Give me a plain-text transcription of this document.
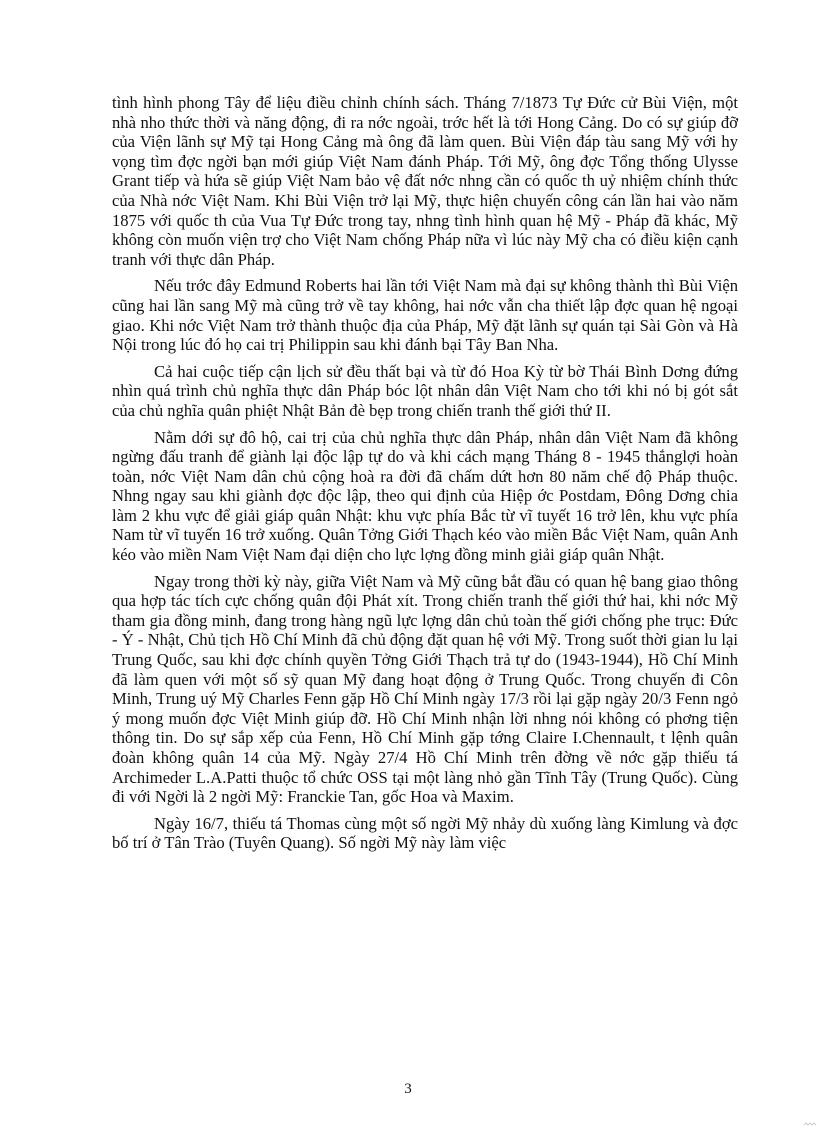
tình hình phong Tây để liệu điều chỉnh chính sách. Tháng 7/1873 Tự Đức cử Bùi Viện, một nhà nho thức thời và năng động, đi ra nớc ngoài, trớc hết là tới Hong Cảng. Do có sự giúp đỡ của Viện lãnh sự Mỹ tại Hong Cảng mà ông đã làm quen. Bùi Viện đáp tàu sang Mỹ với hy vọng tìm đợc ngời bạn mới giúp Việt Nam đánh Pháp. Tới Mỹ, ông đợc Tổng thống Ulysse Grant tiếp và hứa sẽ giúp Việt Nam bảo vệ đất nớc nhng cần có quốc th uỷ nhiệm chính thức của Nhà nớc Việt Nam. Khi Bùi Viện trở lại Mỹ, thực hiện chuyến công cán lần hai vào năm 1875 với quốc th của Vua Tự Đức trong tay, nhng tình hình quan hệ Mỹ - Pháp đã khác, Mỹ không còn muốn viện trợ cho Việt Nam chống Pháp nữa vì lúc này Mỹ cha có điều kiện cạnh tranh với thực dân Pháp.

Nếu trớc đây Edmund Roberts hai lần tới Việt Nam mà đại sự không thành thì Bùi Viện cũng hai lần sang Mỹ mà cũng trở về tay không, hai nớc vẫn cha thiết lập đợc quan hệ ngoại giao. Khi nớc Việt Nam trở thành thuộc địa của Pháp, Mỹ đặt lãnh sự quán tại Sài Gòn và Hà Nội trong lúc đó họ cai trị Philippin sau khi đánh bại Tây Ban Nha.

Cả hai cuộc tiếp cận lịch sử đều thất bại và từ đó Hoa Kỳ từ bờ Thái Bình Dơng đứng nhìn quá trình chủ nghĩa thực dân Pháp bóc lột nhân dân Việt Nam cho tới khi nó bị gót sắt của chủ nghĩa quân phiệt Nhật Bản đè bẹp trong chiến tranh thế giới thứ II.

Nằm dới sự đô hộ, cai trị của chủ nghĩa thực dân Pháp, nhân dân Việt Nam đã không ngừng đấu tranh để giành lại độc lập tự do và khi cách mạng Tháng 8 - 1945 thắnglợi hoàn toàn, nớc Việt Nam dân chủ cộng hoà ra đời đã chấm dứt hơn 80 năm chế độ Pháp thuộc. Nhng ngay sau khi giành đợc độc lập, theo qui định của Hiệp ớc Postdam, Đông Dơng chia làm 2 khu vực để giải giáp quân Nhật: khu vực phía Bắc từ vĩ tuyết 16 trở lên, khu vực phía Nam từ vĩ tuyến 16 trở xuống. Quân Tởng Giới Thạch kéo vào miền Bắc Việt Nam, quân Anh kéo vào miền Nam Việt Nam đại diện cho lực lợng đồng minh giải giáp quân Nhật.

Ngay trong thời kỳ này, giữa Việt Nam và Mỹ cũng bắt đầu có quan hệ bang giao thông qua hợp tác tích cực chống quân đội Phát xít. Trong chiến tranh thế giới thứ hai, khi nớc Mỹ tham gia đồng minh, đang trong hàng ngũ lực lợng dân chủ toàn thế giới chống phe trục: Đức - Ý - Nhật, Chủ tịch Hồ Chí Minh đã chủ động đặt quan hệ với Mỹ. Trong suốt thời gian lu lại Trung Quốc, sau khi đợc chính quyền Tởng Giới Thạch trả tự do (1943-1944), Hồ Chí Minh đã làm quen với một số sỹ quan Mỹ đang hoạt động ở Trung Quốc. Trong chuyến đi Côn Minh, Trung uý Mỹ Charles Fenn gặp Hồ Chí Minh ngày 17/3 rồi lại gặp ngày 20/3 Fenn ngỏ ý mong muốn đợc Việt Minh giúp đỡ. Hồ Chí Minh nhận lời nhng nói không có phơng tiện thông tin. Do sự sắp xếp của Fenn, Hồ Chí Minh gặp tớng Claire I.Chennault, t lệnh quân đoàn không quân 14 của Mỹ. Ngày 27/4 Hồ Chí Minh trên đờng về nớc gặp thiếu tá Archimeder L.A.Patti thuộc tổ chức OSS tại một làng nhỏ gần Tĩnh Tây (Trung Quốc). Cùng đi với Ngời là 2 ngời Mỹ: Franckie Tan, gốc Hoa và Maxim.

Ngày 16/7, thiếu tá Thomas cùng một số ngời Mỹ nhảy dù xuống làng Kimlung và đợc bố trí ở Tân Trào (Tuyên Quang). Số ngời Mỹ này làm việc

3
